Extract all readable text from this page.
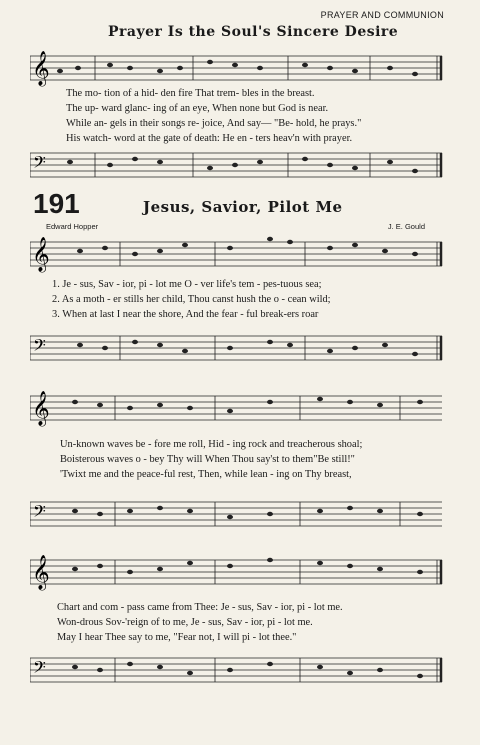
PRAYER AND COMMUNION
Prayer Is the Soul's Sincere Desire
𝄞
The mo- tion of a hid- den fire That trem- bles in the breast.
The up- ward glanc- ing of an eye, When none but God is near.
While an- gels in their songs re- joice, And say— "Be- hold, he prays."
His watch- word at the gate of death: He en - ters heav'n with prayer.
𝄢
191	Jesus, Savior, Pilot Me
Edward Hopper	J. E. Gould
𝄞
1. Je - sus, Sav - ior, pi - lot me O - ver life's tem - pes-tuous sea;
2. As a moth - er stills her child, Thou canst hush the o - cean wild;
3. When at last I near the shore, And the fear - ful break-ers roar
𝄢
𝄞
Un-known waves be - fore me roll, Hid - ing rock and treacherous shoal;
Boisterous waves o - bey Thy will When Thou say'st to them"Be still!"
'Twixt me and the peace-ful rest, Then, while lean - ing on Thy breast,
𝄢
𝄞
Chart and com - pass came from Thee: Je - sus, Sav - ior, pi - lot me.
Won-drous Sov-'reign of to me, Je - sus, Sav - ior, pi - lot me.
May I hear Thee say to me, "Fear not, I will pi - lot thee."
𝄢
